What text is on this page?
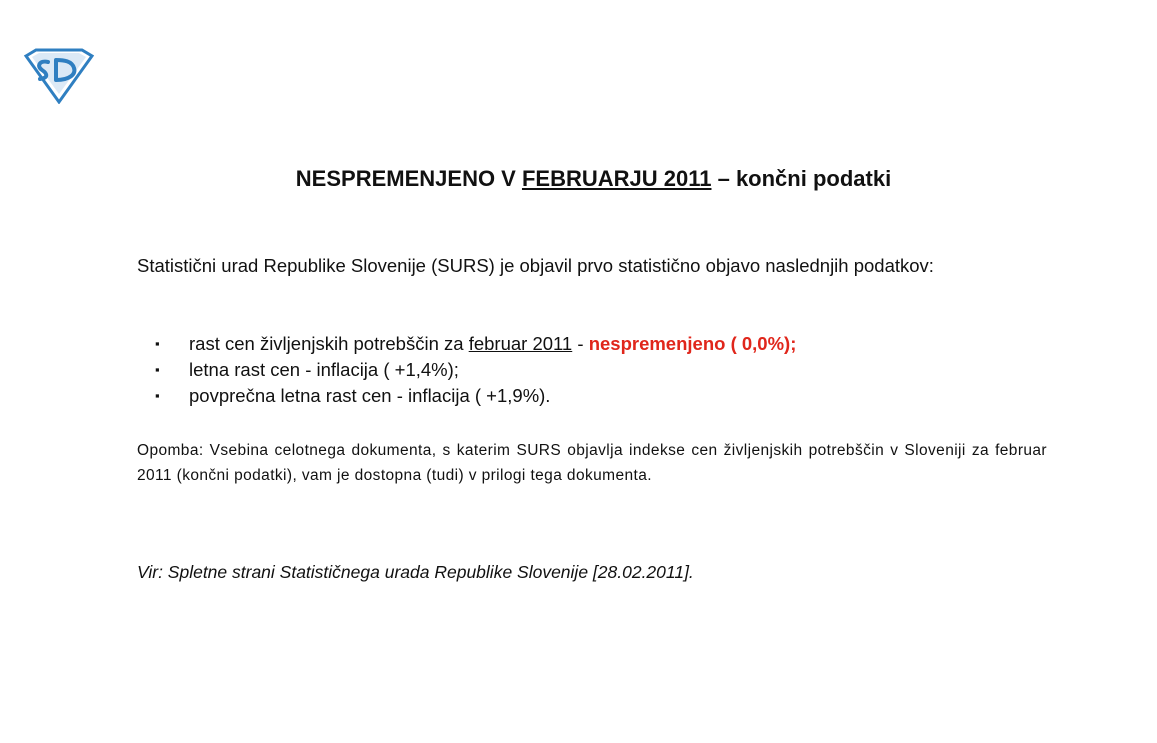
NESPREMENJENO V FEBRUARJU 2011 – končni podatki

Statistični urad Republike Slovenije (SURS) je objavil prvo statistično objavo naslednjih podatkov:

▪ rast cen življenjskih potrebščin za februar 2011 - nespremenjeno ( 0,0%);
▪ letna rast cen - inflacija ( +1,4%);
▪ povprečna letna rast cen - inflacija ( +1,9%).

Opomba: Vsebina celotnega dokumenta, s katerim SURS objavlja indekse cen življenjskih potrebščin v Sloveniji za februar 2011 (končni podatki), vam je dostopna (tudi) v prilogi tega dokumenta.

Vir: Spletne strani Statističnega urada Republike Slovenije [28.02.2011].
